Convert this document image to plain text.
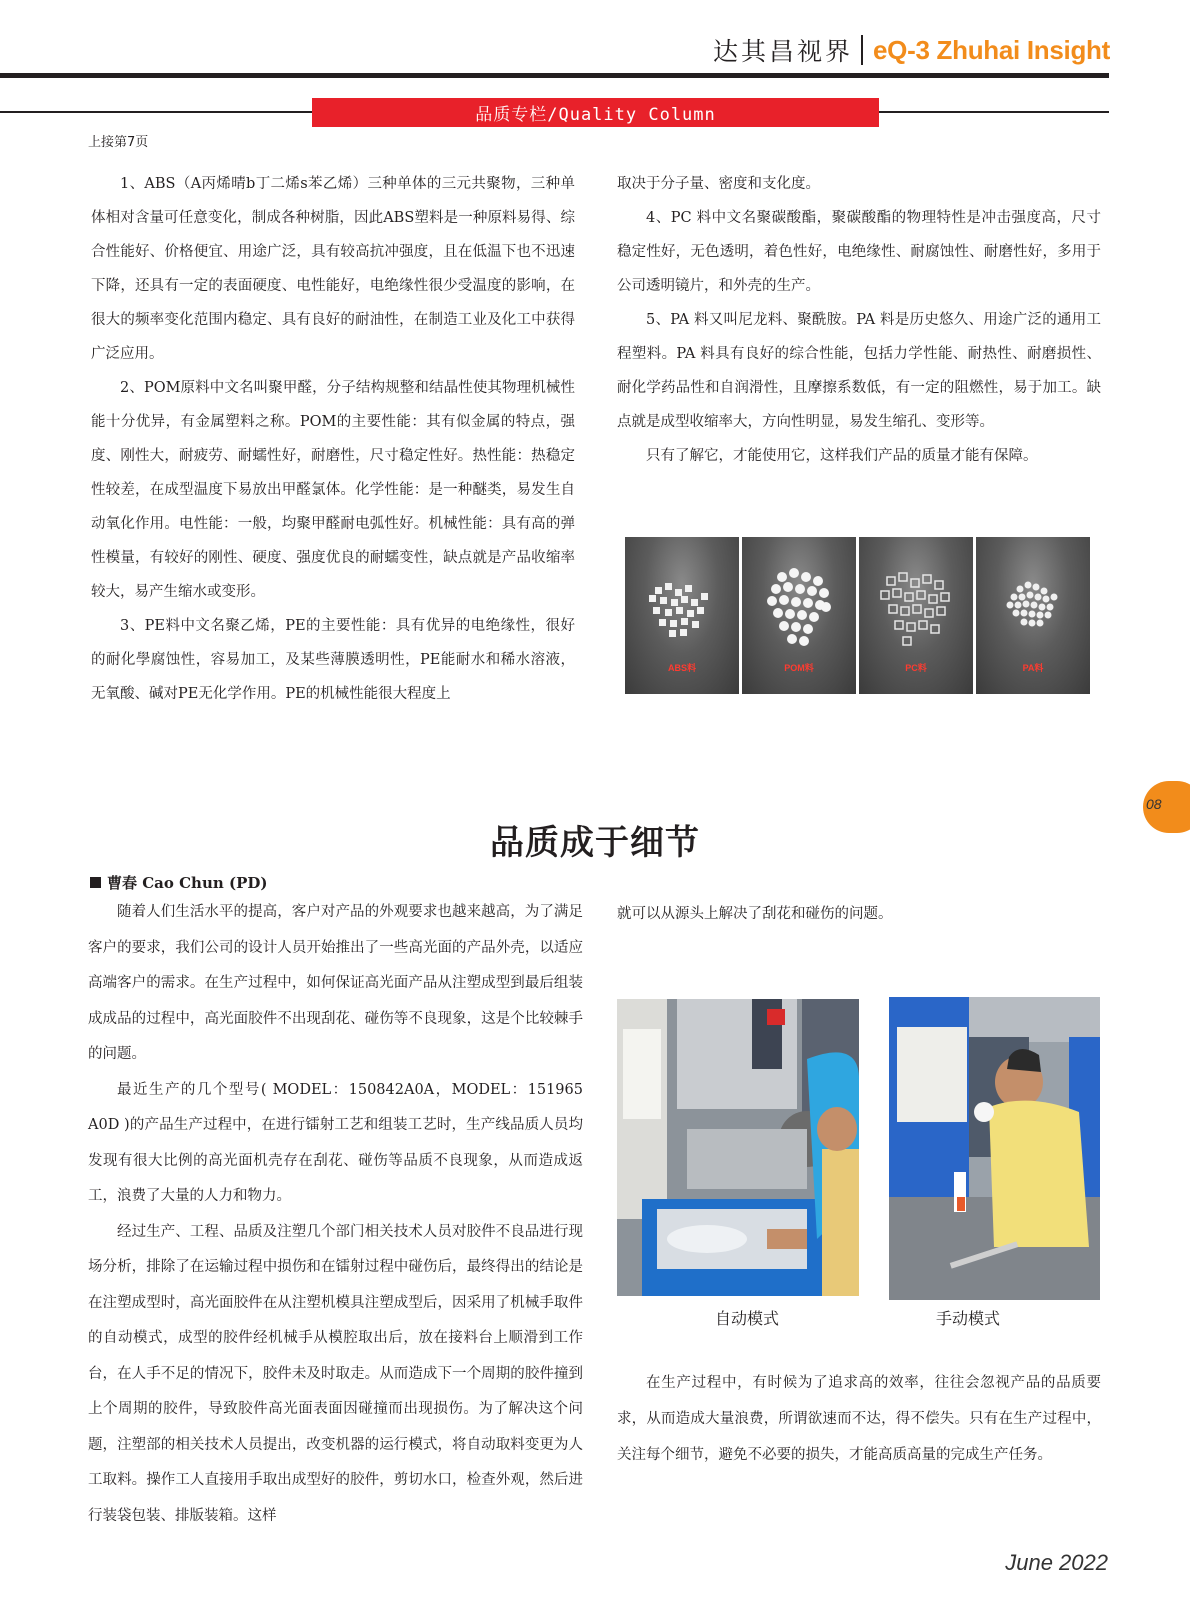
达其昌视界 eQ-3 Zhuhai Insight
品质专栏/Quality Column
上接第7页

1、ABS（A丙烯晴b丁二烯s苯乙烯）三种单体的三元共聚物，三种单体相对含量可任意变化，制成各种树脂，因此ABS塑料是一种原料易得、综合性能好、价格便宜、用途广泛，具有较高抗冲强度，且在低温下也不迅速下降，还具有一定的表面硬度、电性能好，电绝缘性很少受温度的影响，在很大的频率变化范围内稳定、具有良好的耐油性，在制造工业及化工中获得广泛应用。

2、POM原料中文名叫聚甲醛，分子结构规整和结晶性使其物理机械性能十分优异，有金属塑料之称。POM的主要性能：其有似金属的特点，强度、刚性大，耐疲劳、耐蠕性好，耐磨性，尺寸稳定性好。热性能：热稳定性较差，在成型温度下易放出甲醛氯体。化学性能：是一种醚类，易发生自动氧化作用。电性能：一般，均聚甲醛耐电弧性好。机械性能：具有高的弹性模量，有较好的刚性、硬度、强度优良的耐蠕变性，缺点就是产品收缩率较大，易产生缩水或变形。

3、PE料中文名聚乙烯，PE的主要性能：具有优异的电绝缘性，很好的耐化學腐蚀性，容易加工，及某些薄膜透明性，PE能耐水和稀水溶液，无氧酸、碱对PE无化学作用。PE的机械性能很大程度上

取决于分子量、密度和支化度。

4、PC 料中文名聚碳酸酯，聚碳酸酯的物理特性是冲击强度高，尺寸稳定性好，无色透明，着色性好，电绝缘性、耐腐蚀性、耐磨性好，多用于公司透明镜片，和外壳的生产。

5、PA 料又叫尼龙料、聚酰胺。PA 料是历史悠久、用途广泛的通用工程塑料。PA 料具有良好的综合性能，包括力学性能、耐热性、耐磨损性、耐化学药品性和自润滑性，且摩擦系数低，有一定的阻燃性，易于加工。缺点就是成型收缩率大，方向性明显，易发生缩孔、变形等。

只有了解它，才能使用它，这样我们产品的质量才能有保障。

ABS料	POM料	PC料	PA料
08
品质成于细节
曹春 Cao Chun (PD)

随着人们生活水平的提高，客户对产品的外观要求也越来越高，为了满足客户的要求，我们公司的设计人员开始推出了一些高光面的产品外壳，以适应高端客户的需求。在生产过程中，如何保证高光面产品从注塑成型到最后组装成成品的过程中，高光面胶件不出现刮花、碰伤等不良现象，这是个比较棘手的问题。

最近生产的几个型号( MODEL：150842A0A，MODEL：151965 A0D )的产品生产过程中，在进行镭射工艺和组装工艺时，生产线品质人员均发现有很大比例的高光面机壳存在刮花、碰伤等品质不良现象，从而造成返工，浪费了大量的人力和物力。

经过生产、工程、品质及注塑几个部门相关技术人员对胶件不良品进行现场分析，排除了在运输过程中损伤和在镭射过程中碰伤后，最终得出的结论是在注塑成型时，高光面胶件在从注塑机模具注塑成型后，因采用了机械手取件的自动模式，成型的胶件经机械手从模腔取出后，放在接料台上顺滑到工作台，在人手不足的情况下，胶件未及时取走。从而造成下一个周期的胶件撞到上个周期的胶件，导致胶件高光面表面因碰撞而出现损伤。为了解决这个问题，注塑部的相关技术人员提出，改变机器的运行模式，将自动取料变更为人工取料。操作工人直接用手取出成型好的胶件，剪切水口，检查外观，然后进行装袋包装、排版装箱。这样

就可以从源头上解决了刮花和碰伤的问题。

自动模式	手动模式

在生产过程中，有时候为了追求高的效率，往往会忽视产品的品质要求，从而造成大量浪费，所谓欲速而不达，得不偿失。只有在生产过程中，关注每个细节，避免不必要的损失，才能高质高量的完成生产任务。

June 2022
